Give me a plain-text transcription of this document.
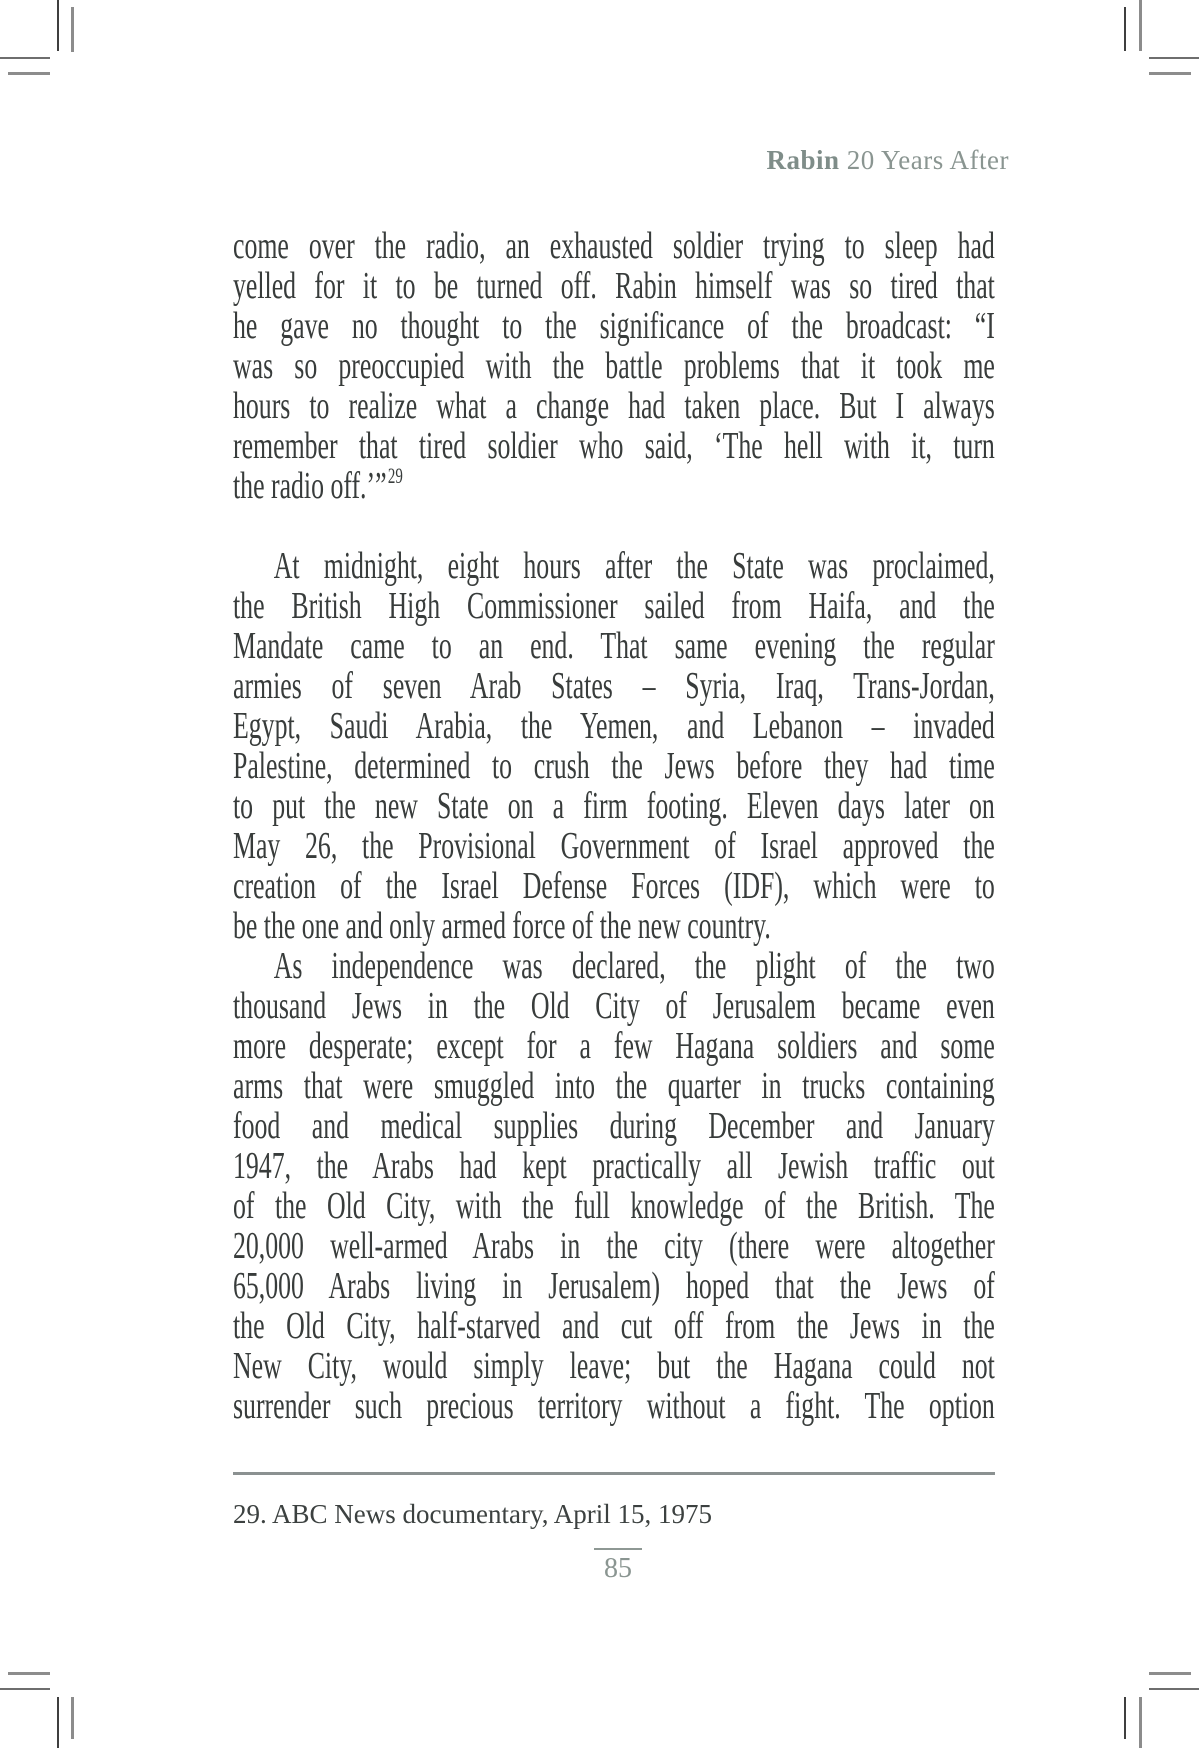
Rabin 20 Years After
come over the radio, an exhausted soldier trying to sleep had
yelled for it to be turned off. Rabin himself was so tired that
he gave no thought to the significance of the broadcast: “I
was so preoccupied with the battle problems that it took me
hours to realize what a change had taken place. But I always
remember that tired soldier who said, ‘The hell with it, turn
the radio off.’”$^{29}$
At midnight, eight hours after the State was proclaimed,
the British High Commissioner sailed from Haifa, and the
Mandate came to an end. That same evening the regular
armies of seven Arab States – Syria, Iraq, Trans-Jordan,
Egypt, Saudi Arabia, the Yemen, and Lebanon – invaded
Palestine, determined to crush the Jews before they had time
to put the new State on a firm footing. Eleven days later on
May 26, the Provisional Government of Israel approved the
creation of the Israel Defense Forces (IDF), which were to
be the one and only armed force of the new country.
As independence was declared, the plight of the two
thousand Jews in the Old City of Jerusalem became even
more desperate; except for a few Hagana soldiers and some
arms that were smuggled into the quarter in trucks containing
food and medical supplies during December and January
1947, the Arabs had kept practically all Jewish traffic out
of the Old City, with the full knowledge of the British. The
20,000 well-armed Arabs in the city (there were altogether
65,000 Arabs living in Jerusalem) hoped that the Jews of
the Old City, half-starved and cut off from the Jews in the
New City, would simply leave; but the Hagana could not
surrender such precious territory without a fight. The option
29. ABC News documentary, April 15, 1975
85
